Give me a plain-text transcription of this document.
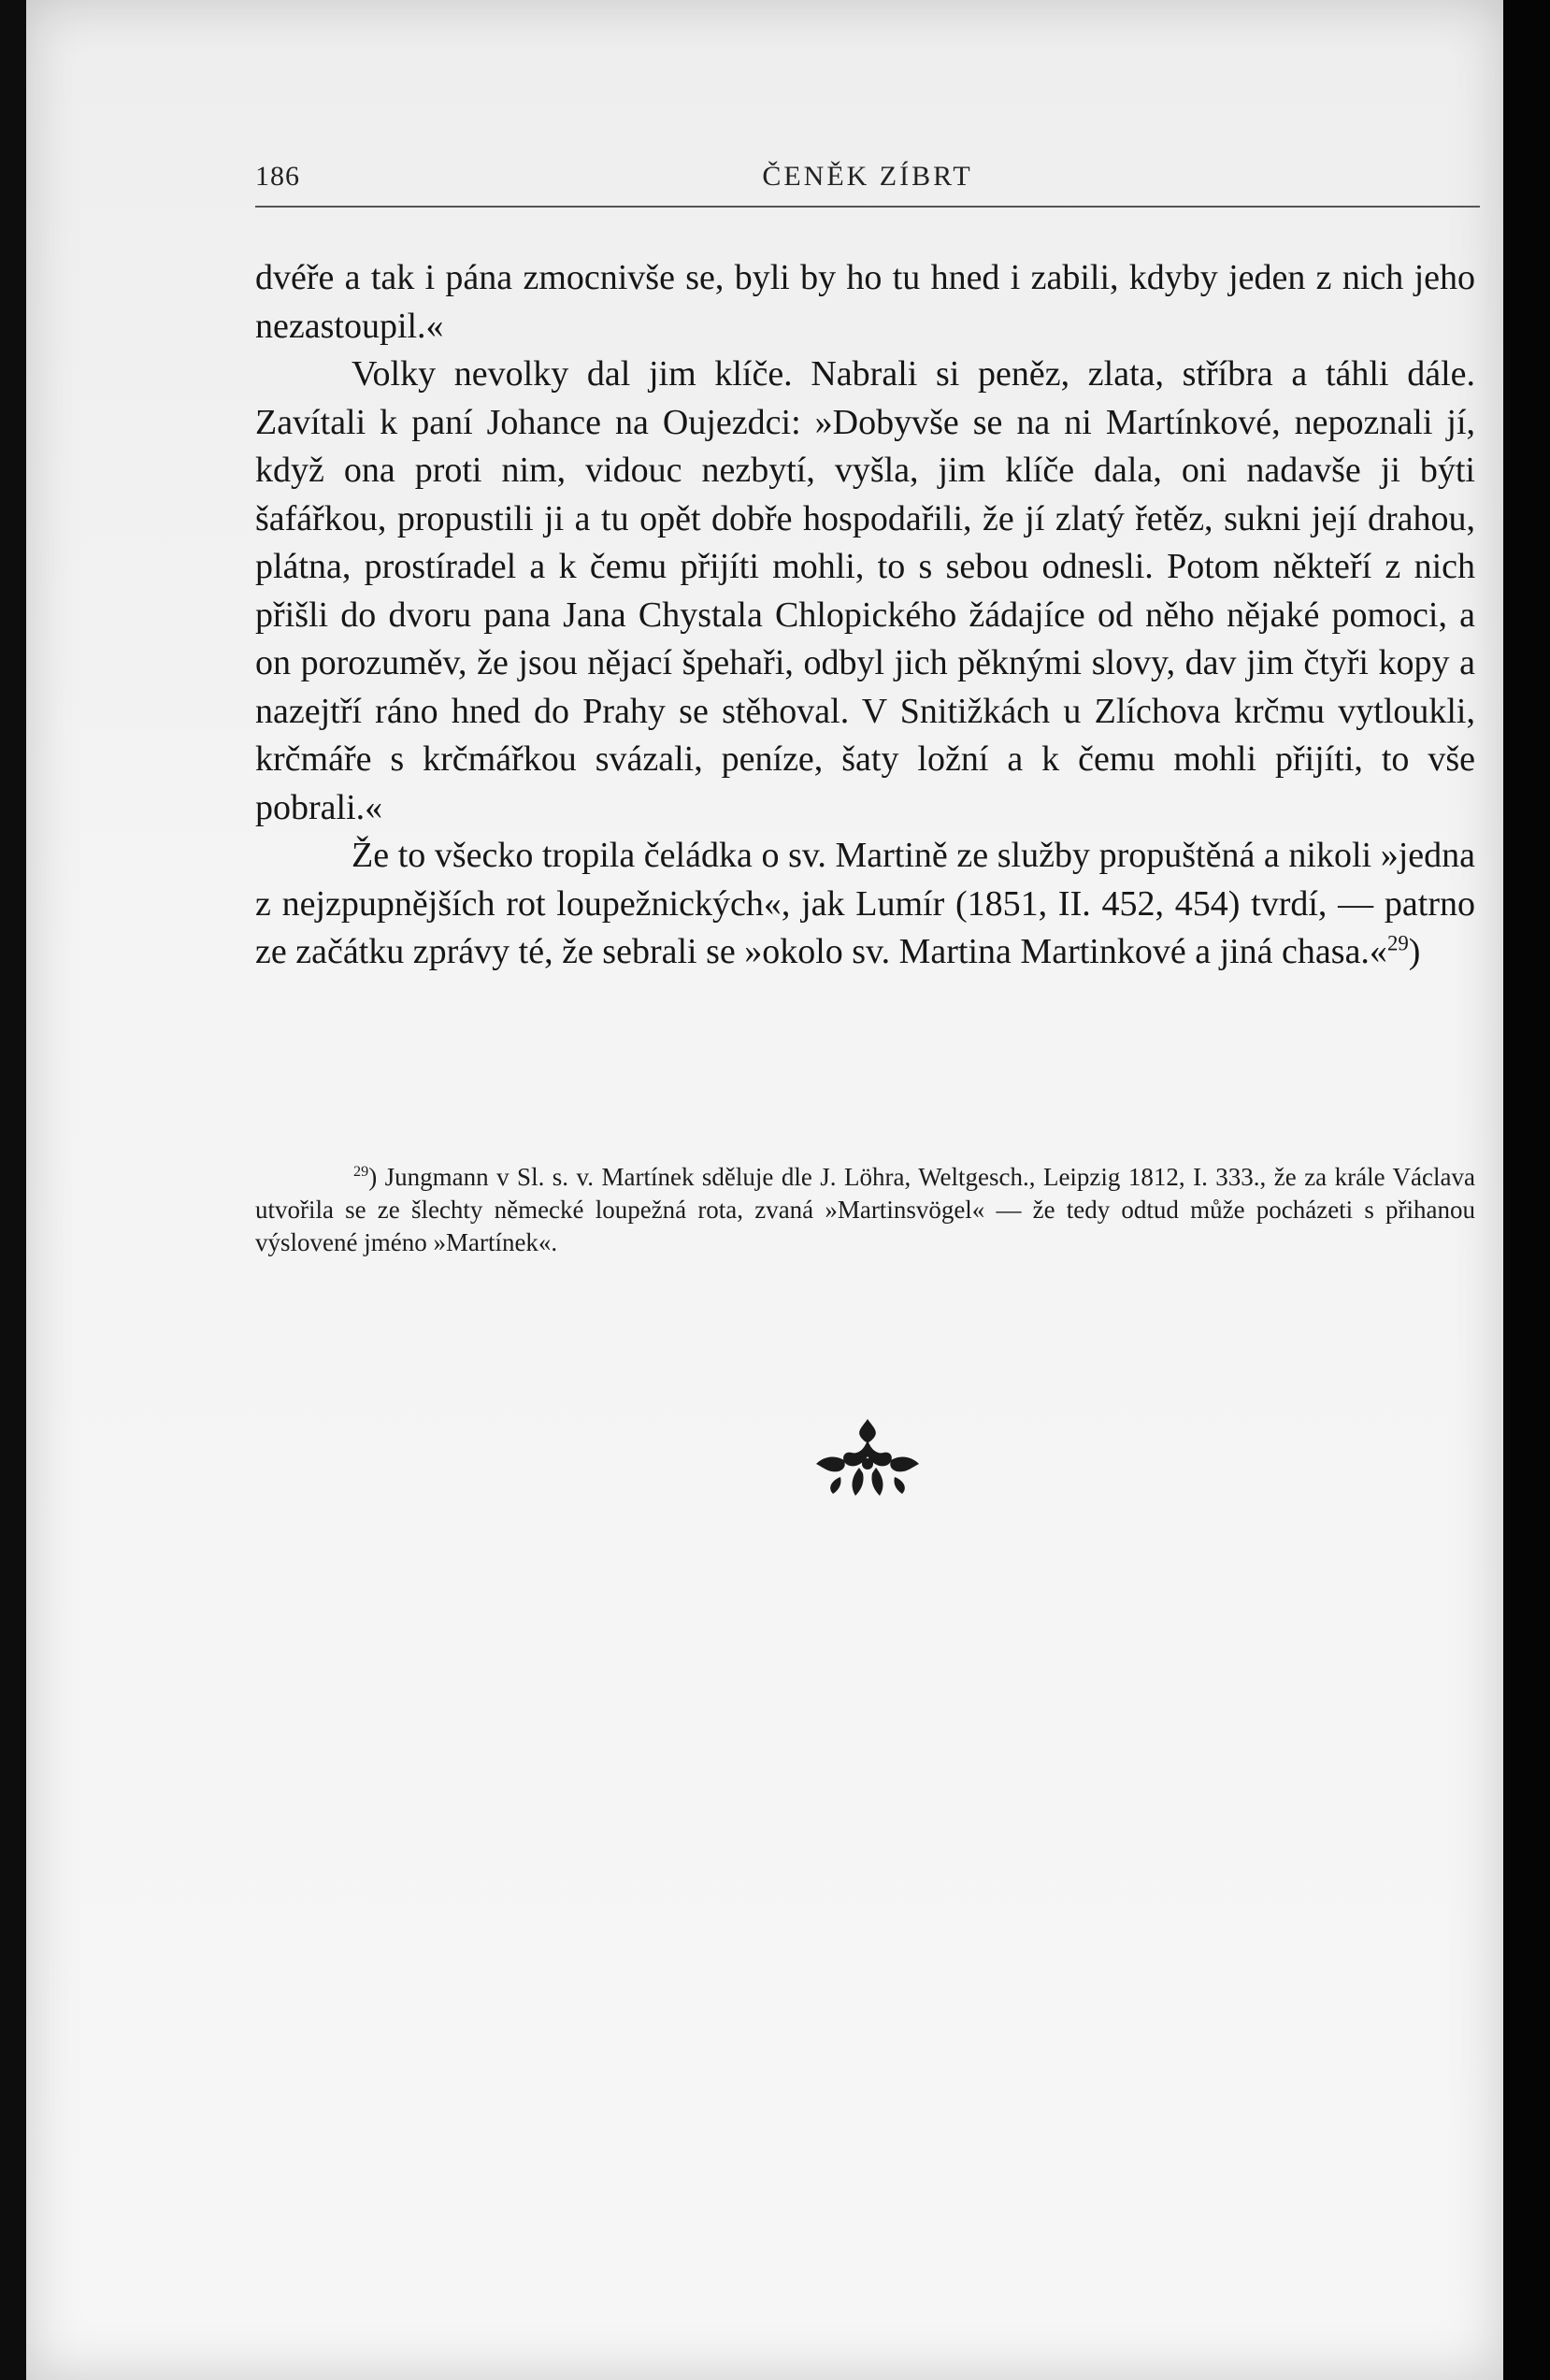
186	ČENĚK ZÍBRT

dvéře a tak i pána zmocnivše se, byli by ho tu hned i zabili, kdyby jeden z nich jeho nezastoupil.«

Volky nevolky dal jim klíče. Nabrali si peněz, zlata, stříbra a táhli dále. Zavítali k paní Johance na Oujezdci: »Dobyvše se na ni Martínkové, nepoznali jí, když ona proti nim, vidouc nezbytí, vyšla, jim klíče dala, oni nadavše ji býti šafářkou, propustili ji a tu opět dobře hospodařili, že jí zlatý řetěz, sukni její drahou, plátna, prostíradel a k čemu přijíti mohli, to s sebou odnesli. Potom někteří z nich přišli do dvoru pana Jana Chystala Chlopického žádajíce od něho nějaké pomoci, a on porozuměv, že jsou nějací špehaři, odbyl jich pěknými slovy, dav jim čtyři kopy a nazejtří ráno hned do Prahy se stěhoval. V Snitižkách u Zlíchova krčmu vytloukli, krčmáře s krčmářkou svázali, peníze, šaty ložní a k čemu mohli přijíti, to vše pobrali.«

Že to všecko tropila čeládka o sv. Martině ze služby propuštěná a nikoli »jedna z nejzpupnějších rot loupežnických«, jak Lumír (1851, II. 452, 454) tvrdí, — patrno ze začátku zprávy té, že sebrali se »okolo sv. Martina Martinkové a jiná chasa.«$^{29}$)

$^{29}$) Jungmann v Sl. s. v. Martínek sděluje dle J. Löhra, Weltgesch., Leipzig 1812, I. 333., že za krále Václava utvořila se ze šlechty německé loupežná rota, zvaná »Martinsvögel« — že tedy odtud může pocházeti s přihanou výslovené jméno »Martínek«.
